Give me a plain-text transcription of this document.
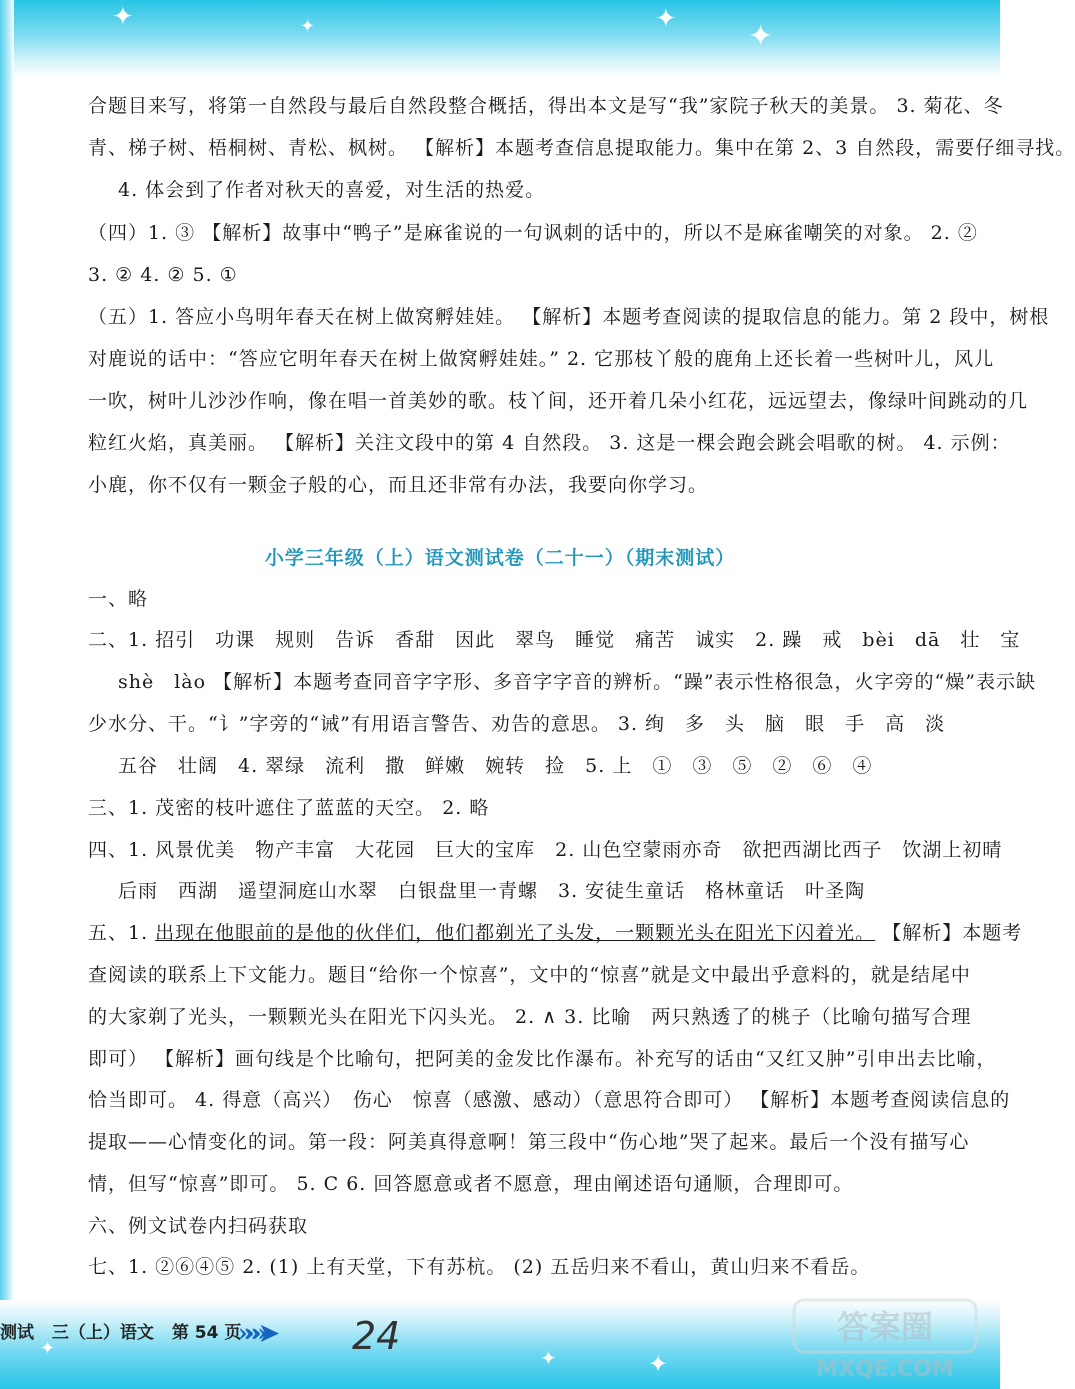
✦	✦	✦ ✦
✦	✦	✦
合题目来写，将第一自然段与最后自然段整合概括，得出本文是写“我”家院子秋天的美景。 3. 菊花、冬
青、梯子树、梧桐树、青松、枫树。 【解析】本题考查信息提取能力。集中在第 2、3 自然段，需要仔细寻找。
4. 体会到了作者对秋天的喜爱，对生活的热爱。
（四）1. ③ 【解析】故事中“鸭子”是麻雀说的一句讽刺的话中的，所以不是麻雀嘲笑的对象。 2. ②
3. ② 4. ② 5. ①
（五）1. 答应小鸟明年春天在树上做窝孵娃娃。 【解析】本题考查阅读的提取信息的能力。第 2 段中，树根
对鹿说的话中：“答应它明年春天在树上做窝孵娃娃。” 2. 它那枝丫般的鹿角上还长着一些树叶儿，风儿
一吹，树叶儿沙沙作响，像在唱一首美妙的歌。枝丫间，还开着几朵小红花，远远望去，像绿叶间跳动的几
粒红火焰，真美丽。 【解析】关注文段中的第 4 自然段。 3. 这是一棵会跑会跳会唱歌的树。 4. 示例：
小鹿，你不仅有一颗金子般的心，而且还非常有办法，我要向你学习。
小学三年级（上）语文测试卷（二十一）（期末测试）
一、略
二、1. 招引　功课　规则　告诉　香甜　因此　翠鸟　睡觉　痛苦　诚实　2. 躁　戒　bèi　dā　壮　宝
shè　lào 【解析】本题考查同音字字形、多音字字音的辨析。“躁”表示性格很急，火字旁的“燥”表示缺
少水分、干。“讠”字旁的“诫”有用语言警告、劝告的意思。 3. 绚　多　头　脑　眼　手　高　淡
五谷　壮阔　4. 翠绿　流利　撒　鲜嫩　婉转　捡　5. 上　①　③　⑤　②　⑥　④
三、1. 茂密的枝叶遮住了蓝蓝的天空。 2. 略
四、1. 风景优美　物产丰富　大花园　巨大的宝库　2. 山色空蒙雨亦奇　欲把西湖比西子　饮湖上初晴
后雨　西湖　遥望洞庭山水翠　白银盘里一青螺　3. 安徒生童话　格林童话　叶圣陶
五、1. 出现在他眼前的是他的伙伴们，他们都剃光了头发，一颗颗光头在阳光下闪着光。 【解析】本题考
查阅读的联系上下文能力。题目“给你一个惊喜”，文中的“惊喜”就是文中最出乎意料的，就是结尾中
的大家剃了光头，一颗颗光头在阳光下闪头光。 2. ∧ 3. 比喻　两只熟透了的桃子（比喻句描写合理
即可） 【解析】画句线是个比喻句，把阿美的金发比作瀑布。补充写的话由“又红又肿”引申出去比喻，
恰当即可。 4. 得意（高兴）　伤心　惊喜（感激、感动）（意思符合即可） 【解析】本题考查阅读信息的
提取——心情变化的词。第一段：阿美真得意啊！第三段中“伤心地”哭了起来。最后一个没有描写心
情，但写“惊喜”即可。 5. C 6. 回答愿意或者不愿意，理由阐述语句通顺，合理即可。
六、例文试卷内扫码获取
七、1. ②⑥④⑤ 2. (1) 上有天堂，下有苏杭。 (2) 五岳归来不看山，黄山归来不看岳。
测试 三（上）语文 第 54 页
»»»➤ 24	答案圈
MXQE.COM
